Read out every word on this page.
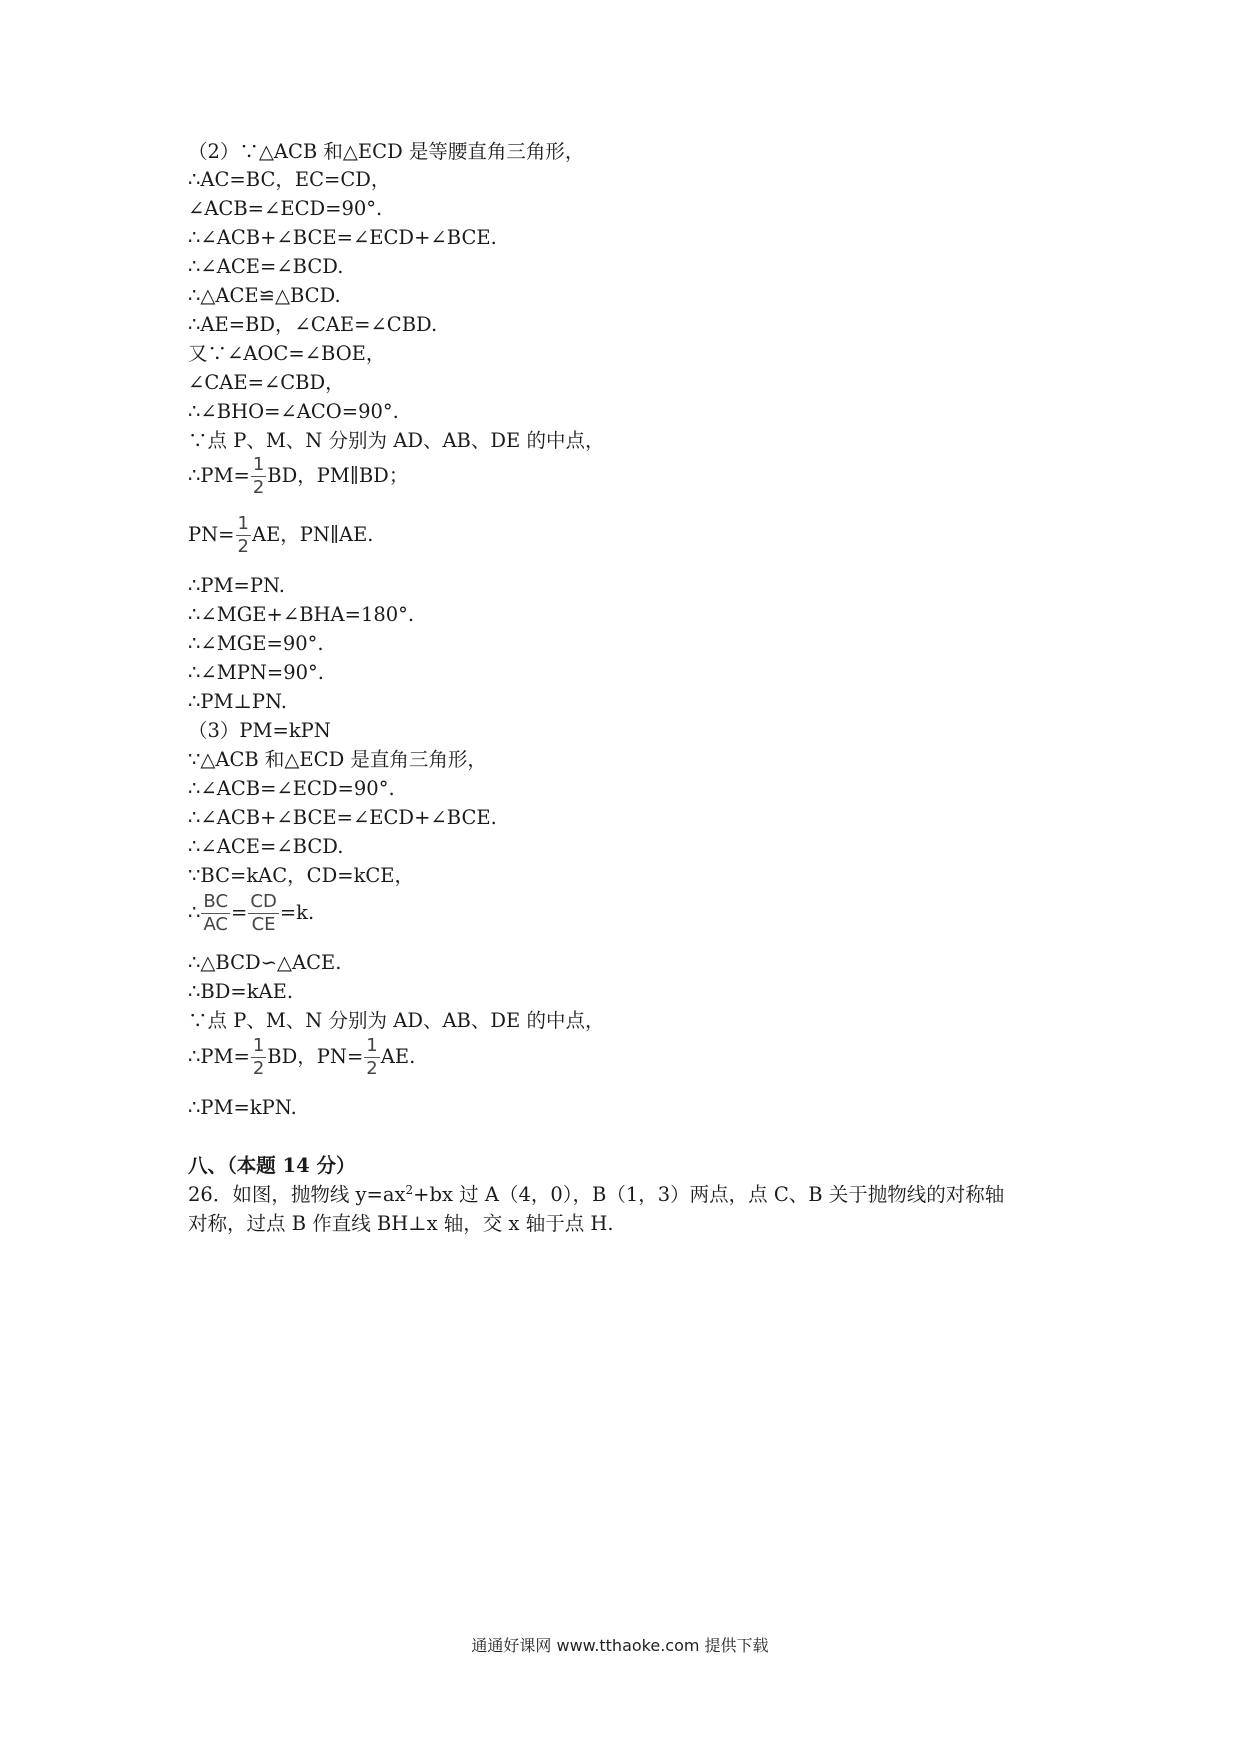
（2）∵△ACB 和△ECD 是等腰直角三角形，
∴AC=BC，EC=CD，
∠ACB=∠ECD=90°.
∴∠ACB+∠BCE=∠ECD+∠BCE.
∴∠ACE=∠BCD.
∴△ACE≌△BCD.
∴AE=BD，∠CAE=∠CBD.
又∵∠AOC=∠BOE，
∠CAE=∠CBD，
∴∠BHO=∠ACO=90°.
∵点 P、M、N 分别为 AD、AB、DE 的中点，
∴PM= $\frac{1}{2}$ BD，PM∥BD；
$PN= \frac{1}{2}$ AE，PN∥AE.
∴PM=PN.
∴∠MGE+∠BHA=180°.
∴∠MGE=90°.
∴∠MPN=90°.
∴PM⊥PN.
（3）PM=kPN
∵△ACB 和△ECD 是直角三角形，
∴∠ACB=∠ECD=90°.
∴∠ACB+∠BCE=∠ECD+∠BCE.
∴∠ACE=∠BCD.
∵BC=kAC，CD=kCE，
∴ $\frac{BC}{AC} = \frac{CD}{CE} =k$.
∴△BCD∽△ACE.
∴BD=kAE.
∵点 P、M、N 分别为 AD、AB、DE 的中点，
∴PM= $\frac{1}{2}$ BD，$PN= \frac{1}{2}$ AE.
∴PM=kPN.
八、（本题 14 分）
26．如图，抛物线 $y=ax^2+bx$ 过 A（4，0），B（1，3）两点，点 C、B 关于抛物线的对称轴
对称，过点 B 作直线 BH⊥x 轴，交 x 轴于点 H.
通通好课网 www.tthaoke.com 提供下载
